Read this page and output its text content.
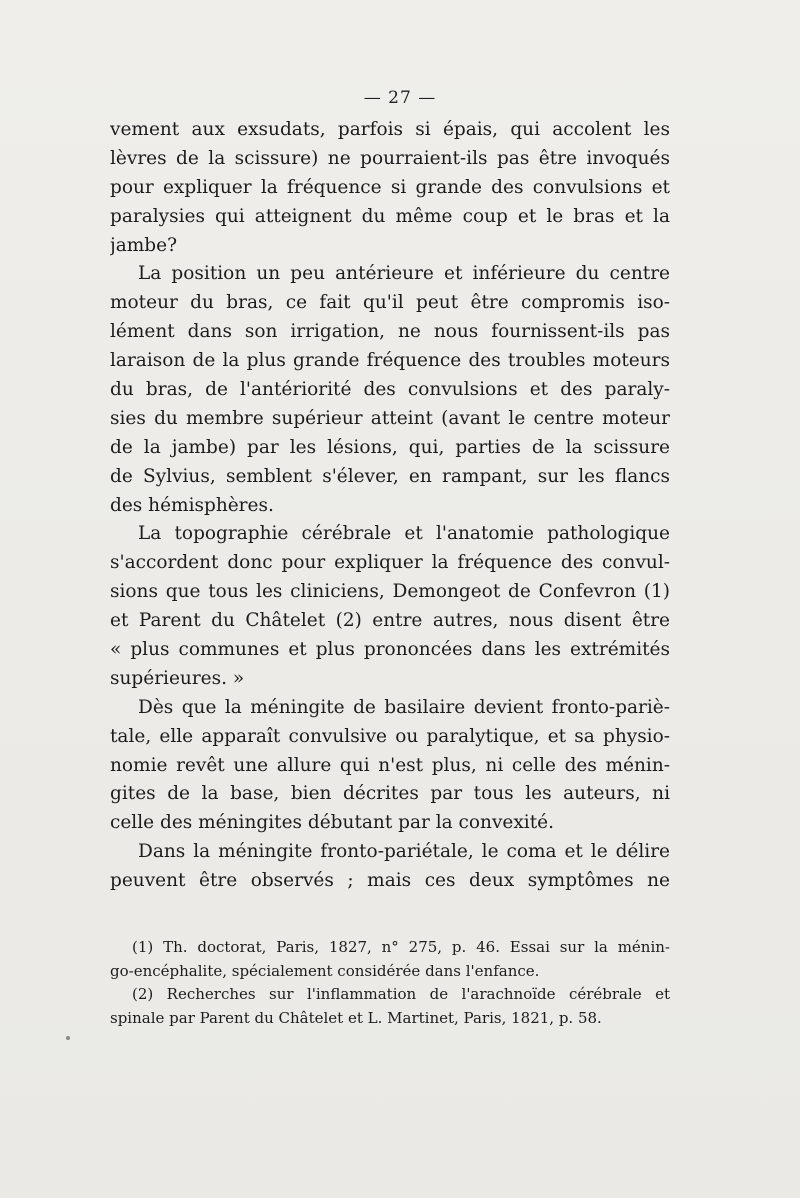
— 27 —
vement aux exsudats, parfois si épais, qui accolent les
lèvres de la scissure) ne pourraient-ils pas être invoqués
pour expliquer la fréquence si grande des convulsions et
paralysies qui atteignent du même coup et le bras et la
jambe?
La position un peu antérieure et inférieure du centre
moteur du bras, ce fait qu'il peut être compromis iso-
lément dans son irrigation, ne nous fournissent-ils pas
laraison de la plus grande fréquence des troubles moteurs
du bras, de l'antériorité des convulsions et des paraly-
sies du membre supérieur atteint (avant le centre moteur
de la jambe) par les lésions, qui, parties de la scissure
de Sylvius, semblent s'élever, en rampant, sur les flancs
des hémisphères.
La topographie cérébrale et l'anatomie pathologique
s'accordent donc pour expliquer la fréquence des convul-
sions que tous les cliniciens, Demongeot de Confevron (1)
et Parent du Châtelet (2) entre autres, nous disent être
« plus communes et plus prononcées dans les extrémités
supérieures. »
Dès que la méningite de basilaire devient fronto-pariè-
tale, elle apparaît convulsive ou paralytique, et sa physio-
nomie revêt une allure qui n'est plus, ni celle des ménin-
gites de la base, bien décrites par tous les auteurs, ni
celle des méningites débutant par la convexité.
Dans la méningite fronto-pariétale, le coma et le délire
peuvent être observés ; mais ces deux symptômes ne
(1) Th. doctorat, Paris, 1827, n° 275, p. 46. Essai sur la ménin-
go-encéphalite, spécialement considérée dans l'enfance.
(2) Recherches sur l'inflammation de l'arachnoïde cérébrale et
spinale par Parent du Châtelet et L. Martinet, Paris, 1821, p. 58.
